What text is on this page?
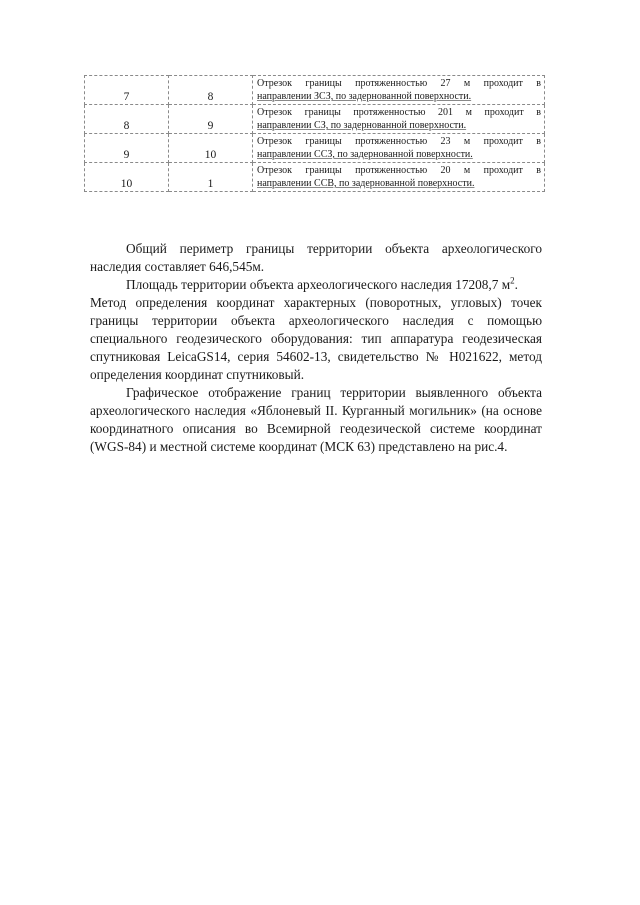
7	8	Отрезок границы протяженностью 27 м проходит в
направлении ЗСЗ, по задернованной поверхности.

8	9	Отрезок границы протяженностью 201 м проходит в
направлении СЗ, по задернованной поверхности.

9	10	Отрезок границы протяженностью 23 м проходит в
направлении ССЗ, по задернованной поверхности.

10	1	Отрезок границы протяженностью 20 м проходит в
направлении ССВ, по задернованной поверхности.

Общий периметр границы территории объекта археологического наследия составляет 646,545м.

Площадь территории объекта археологического наследия 17208,7 $м^2$.

Метод определения координат характерных (поворотных, угловых) точек границы территории объекта археологического наследия с помощью специального геодезического оборудования: тип аппаратура геодезическая спутниковая LeicaGS14, серия 54602-13, свидетельство № Н021622, метод определения координат спутниковый.

Графическое отображение границ территории выявленного объекта археологического наследия «Яблоневый II. Курганный могильник» (на основе координатного описания во Всемирной геодезической системе координат (WGS-84) и местной системе координат (МСК 63) представлено на рис.4.
